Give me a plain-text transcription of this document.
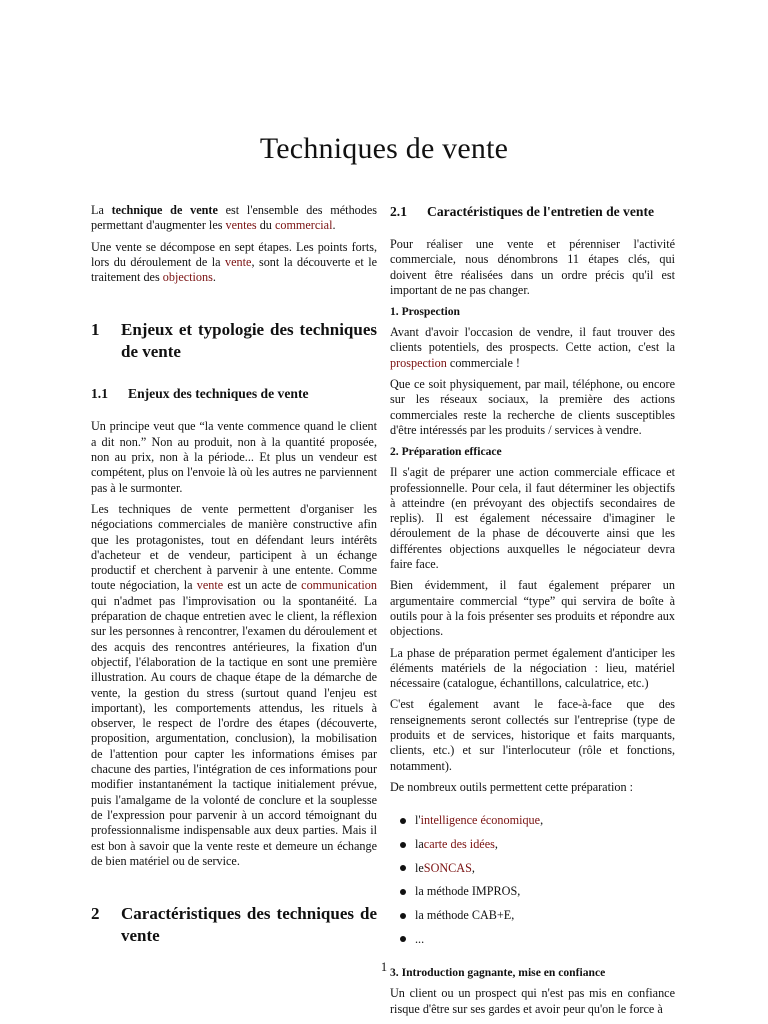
Techniques de vente

La technique de vente est l'ensemble des méthodes permettant d'augmenter les ventes du commercial.

Une vente se décompose en sept étapes. Les points forts, lors du déroulement de la vente, sont la découverte et le traitement des objections.

1	Enjeux et typologie des techniques de vente
1.1	Enjeux des techniques de vente

Un principe veut que “la vente commence quand le client a dit non.” Non au produit, non à la quantité proposée, non au prix, non à la période... Et plus un vendeur est compétent, plus on l'envoie là où les autres ne parviennent pas à le surmonter.

Les techniques de vente permettent d'organiser les négociations commerciales de manière constructive afin que les protagonistes, tout en défendant leurs intérêts d'acheteur et de vendeur, participent à un échange productif et cherchent à parvenir à une entente. Comme toute négociation, la vente est un acte de communication qui n'admet pas l'improvisation ou la spontanéité. La préparation de chaque entretien avec le client, la réflexion sur les personnes à rencontrer, l'examen du déroulement et des acquis des rencontres antérieures, la fixation d'un objectif, l'élaboration de la tactique en sont une première illustration. Au cours de chaque étape de la démarche de vente, la gestion du stress (surtout quand l'enjeu est important), les comportements attendus, les rituels à observer, le respect de l'ordre des étapes (découverte, proposition, argumentation, conclusion), la mobilisation de l'attention pour capter les informations émises par chacune des parties, l'intégration de ces informations pour modifier instantanément la tactique initialement prévue, puis l'amalgame de la volonté de conclure et la souplesse de l'expression pour parvenir à un accord témoignant du professionnalisme indispensable aux deux parties. Mais il est bon à savoir que la vente reste et demeure un échange de bien matériel ou de service.

2	Caractéristiques des techniques de vente
2.1	Caractéristiques de l'entretien de vente

Pour réaliser une vente et pérenniser l'activité commerciale, nous dénombrons 11 étapes clés, qui doivent être réalisées dans un ordre précis qu'il est important de ne pas changer.

1. Prospection

Avant d'avoir l'occasion de vendre, il faut trouver des clients potentiels, des prospects. Cette action, c'est la prospection commerciale !

Que ce soit physiquement, par mail, téléphone, ou encore sur les réseaux sociaux, la première des actions commerciales reste la recherche de clients susceptibles d'être intéressés par les produits / services à vendre.

2. Préparation efficace

Il s'agit de préparer une action commerciale efficace et professionnelle. Pour cela, il faut déterminer les objectifs à atteindre (en prévoyant des objectifs secondaires de replis). Il est également nécessaire d'imaginer le déroulement de la phase de découverte ainsi que les différentes objections auxquelles le négociateur devra faire face.

Bien évidemment, il faut également préparer un argumentaire commercial “type” qui servira de boîte à outils pour à la fois présenter ses produits et répondre aux objections.

La phase de préparation permet également d'anticiper les éléments matériels de la négociation : lieu, matériel nécessaire (catalogue, échantillons, calculatrice, etc.)

C'est également avant le face-à-face que des renseignements seront collectés sur l'entreprise (type de produits et de services, historique et faits marquants, clients, etc.) et sur l'interlocuteur (rôle et fonctions, notamment).

De nombreux outils permettent cette préparation :

l' intelligence économique ,
la carte des idées ,
le SONCAS ,
la méthode IMPROS,
la méthode CAB+E,
...
3. Introduction gagnante, mise en confiance

Un client ou un prospect qui n'est pas mis en confiance risque d'être sur ses gardes et avoir peur qu'on le force à

1
